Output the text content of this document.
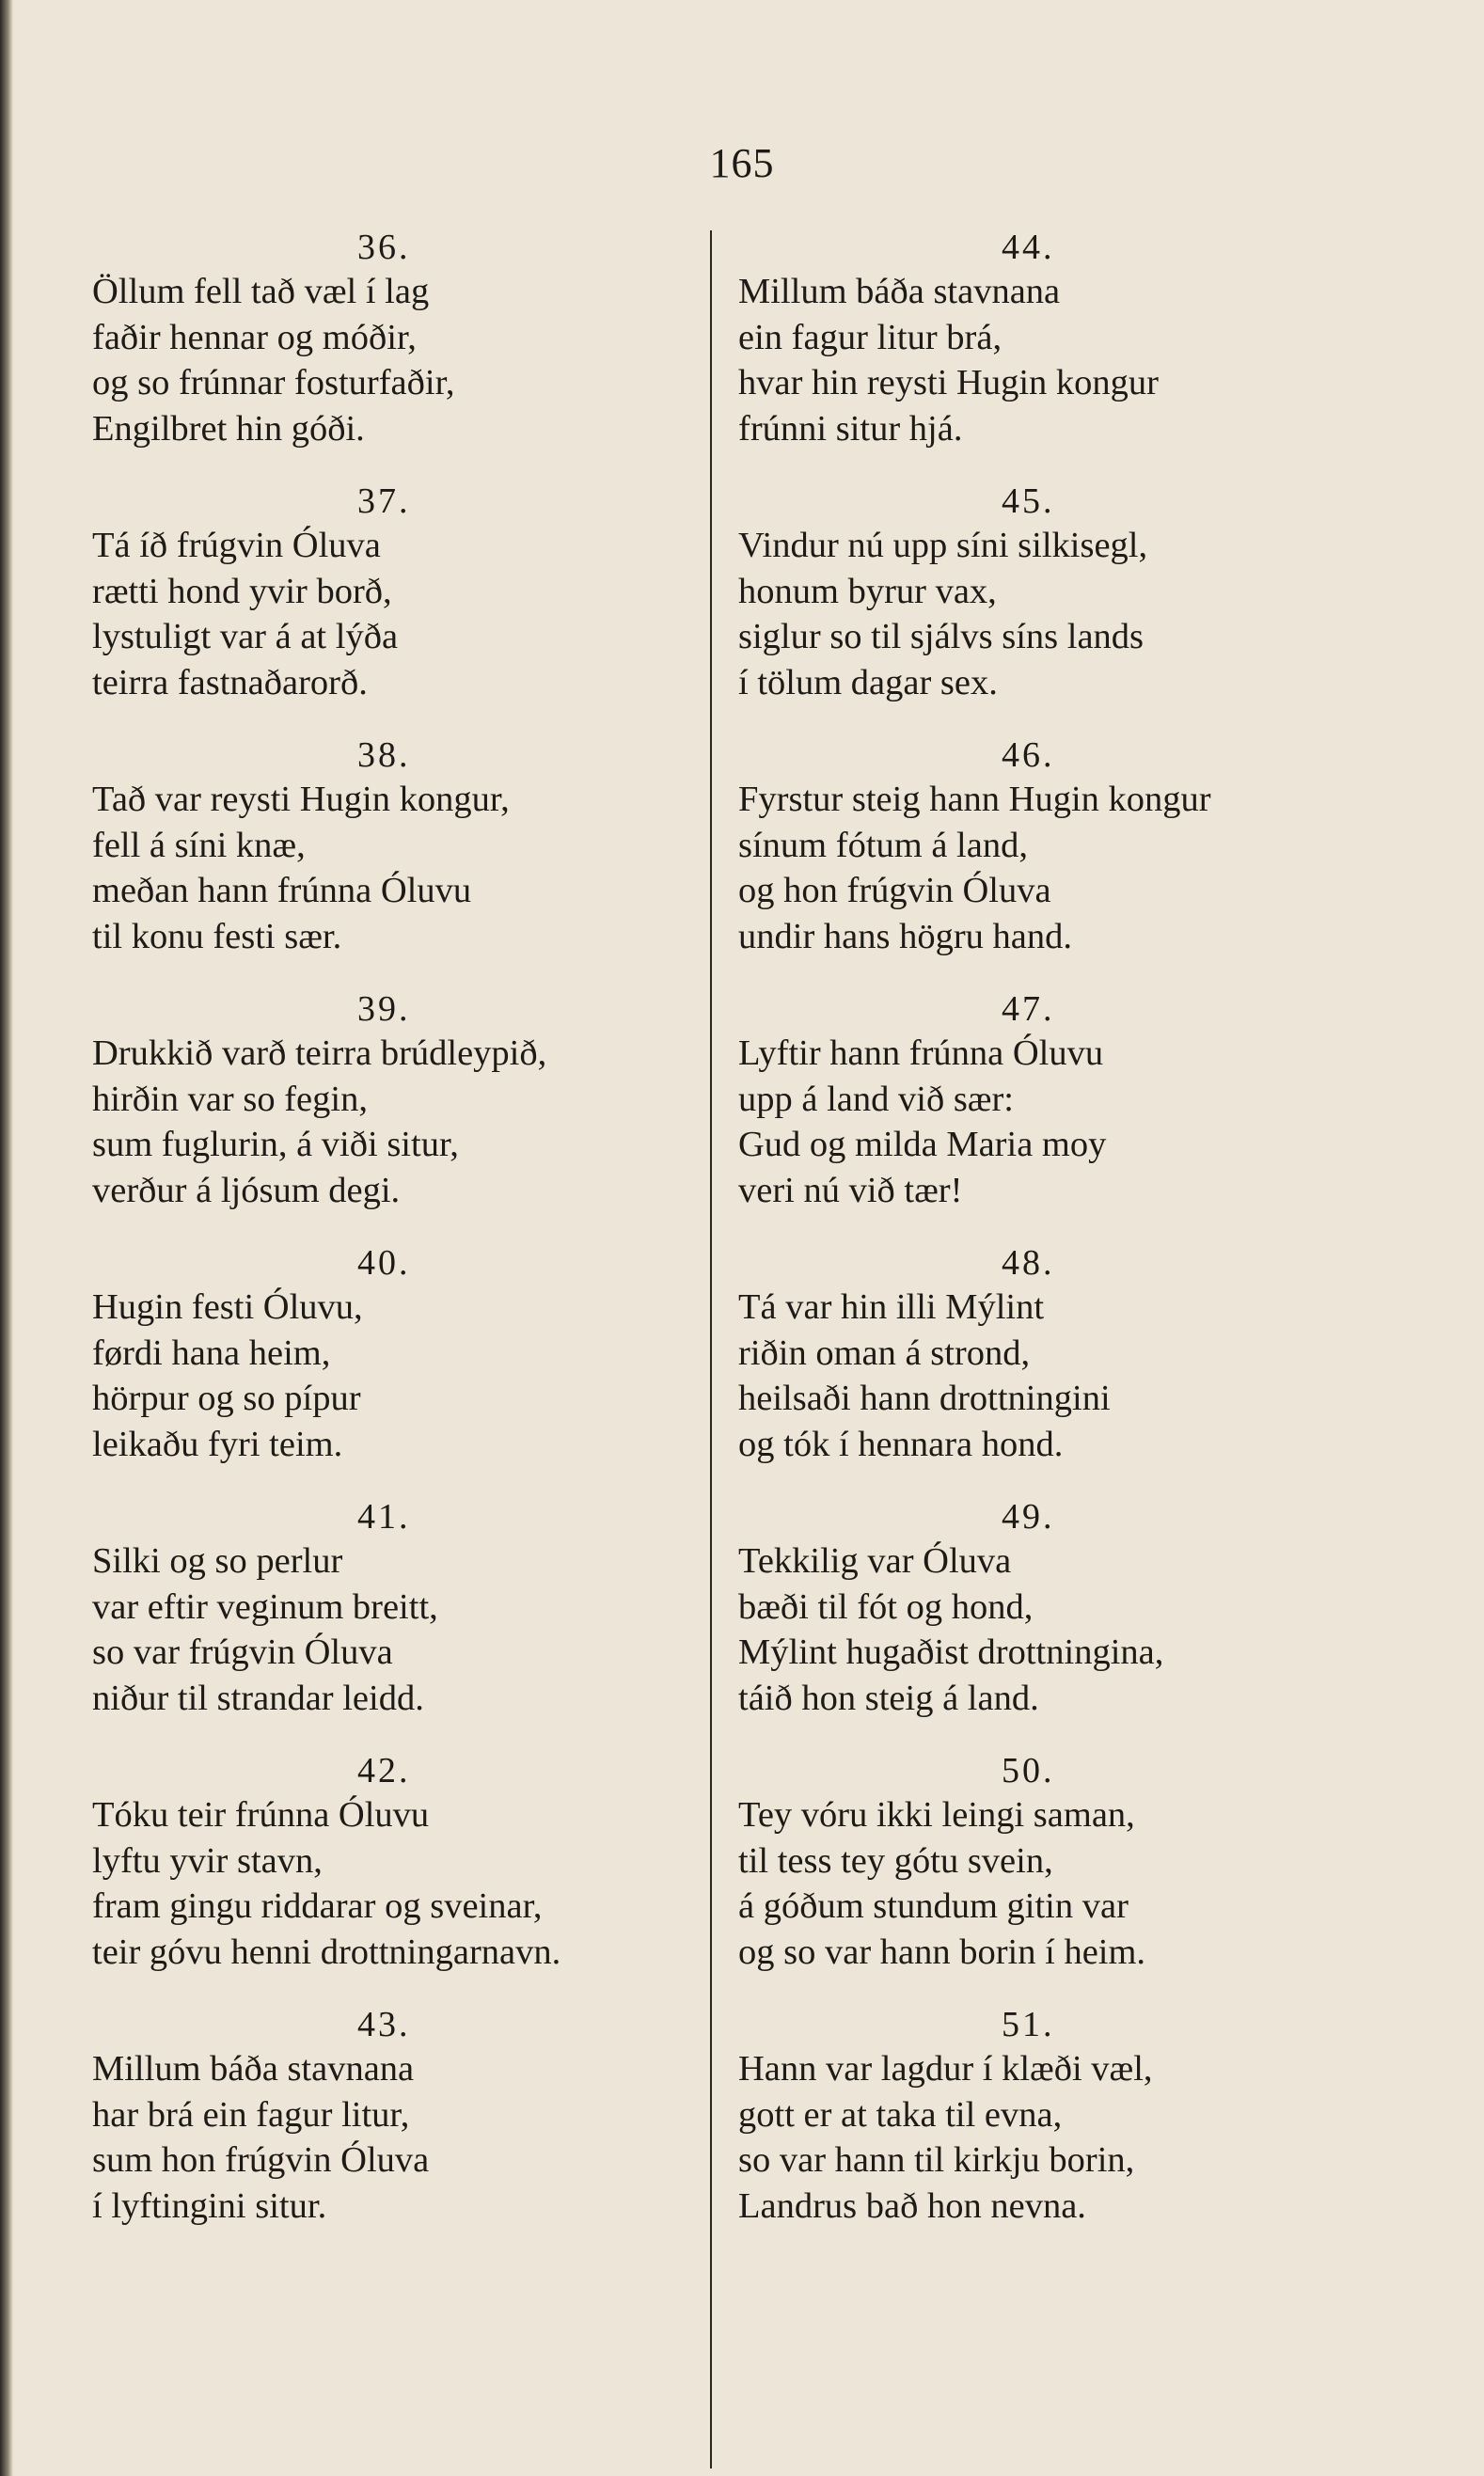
165
36.
Öllum fell tað væl í lag
faðir hennar og móðir,
og so frúnnar fosturfaðir,
Engilbret hin góði.
37.
Tá íð frúgvin Óluva
rætti hond yvir borð,
lystuligt var á at lýða
teirra fastnaðarorð.
38.
Tað var reysti Hugin kongur,
fell á síni knæ,
meðan hann frúnna Óluvu
til konu festi sær.
39.
Drukkið varð teirra brúdleypið,
hirðin var so fegin,
sum fuglurin, á viði situr,
verður á ljósum degi.
40.
Hugin festi Óluvu,
førdi hana heim,
hörpur og so pípur
leikaðu fyri teim.
41.
Silki og so perlur
var eftir veginum breitt,
so var frúgvin Óluva
niður til strandar leidd.
42.
Tóku teir frúnna Óluvu
lyftu yvir stavn,
fram gingu riddarar og sveinar,
teir góvu henni drottningarnavn.
43.
Millum báða stavnana
har brá ein fagur litur,
sum hon frúgvin Óluva
í lyftingini situr.
44.
Millum báða stavnana
ein fagur litur brá,
hvar hin reysti Hugin kongur
frúnni situr hjá.
45.
Vindur nú upp síni silkisegl,
honum byrur vax,
siglur so til sjálvs síns lands
í tölum dagar sex.
46.
Fyrstur steig hann Hugin kongur
sínum fótum á land,
og hon frúgvin Óluva
undir hans högru hand.
47.
Lyftir hann frúnna Óluvu
upp á land við sær:
Gud og milda Maria moy
veri nú við tær!
48.
Tá var hin illi Mýlint
riðin oman á strond,
heilsaði hann drottningini
og tók í hennara hond.
49.
Tekkilig var Óluva
bæði til fót og hond,
Mýlint hugaðist drottningina,
táið hon steig á land.
50.
Tey vóru ikki leingi saman,
til tess tey gótu svein,
á góðum stundum gitin var
og so var hann borin í heim.
51.
Hann var lagdur í klæði væl,
gott er at taka til evna,
so var hann til kirkju borin,
Landrus bað hon nevna.
